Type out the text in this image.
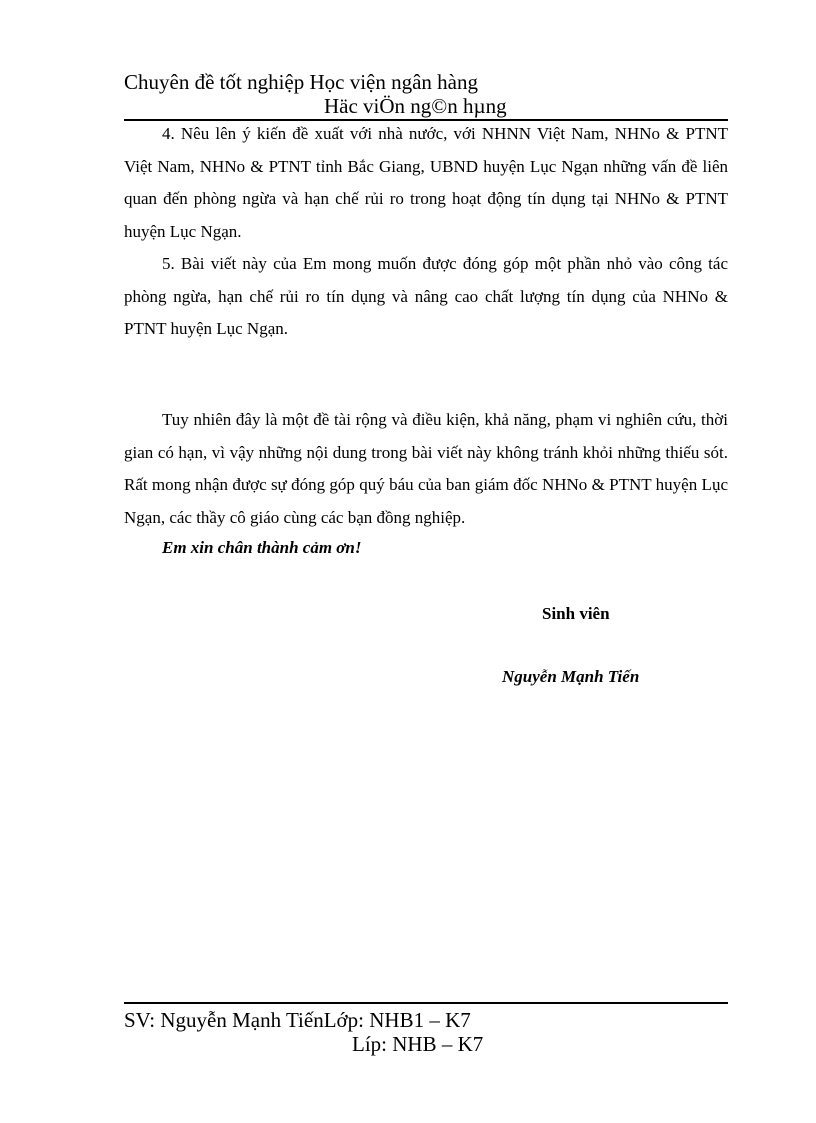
Chuyên đề tốt nghiệp Học viện ngân hàng
Häc viÖn ng©n hµng

4. Nêu lên ý kiến đề xuất với nhà nước, với NHNN Việt Nam, NHNo & PTNT Việt Nam, NHNo & PTNT tỉnh Bắc Giang, UBND huyện Lục Ngạn những vấn đề liên quan đến phòng ngừa và hạn chế rủi ro trong hoạt động tín dụng tại NHNo & PTNT huyện Lục Ngạn.

5. Bài viết này của Em mong muốn được đóng góp một phần nhỏ vào công tác phòng ngừa, hạn chế rủi ro tín dụng và nâng cao chất lượng tín dụng của NHNo & PTNT huyện Lục Ngạn.

Tuy nhiên đây là một đề tài rộng và điều kiện, khả năng, phạm vi nghiên cứu, thời gian có hạn, vì vậy những nội dung trong bài viết này không tránh khỏi những thiếu sót. Rất mong nhận được sự đóng góp quý báu của ban giám đốc NHNo & PTNT huyện Lục Ngạn, các thầy cô giáo cùng các bạn đồng nghiệp.

Em xin chân thành cảm ơn!
Sinh viên
Nguyễn Mạnh Tiến
SV: Nguyễn Mạnh TiếnLớp: NHB1 – K7
Líp: NHB – K7
